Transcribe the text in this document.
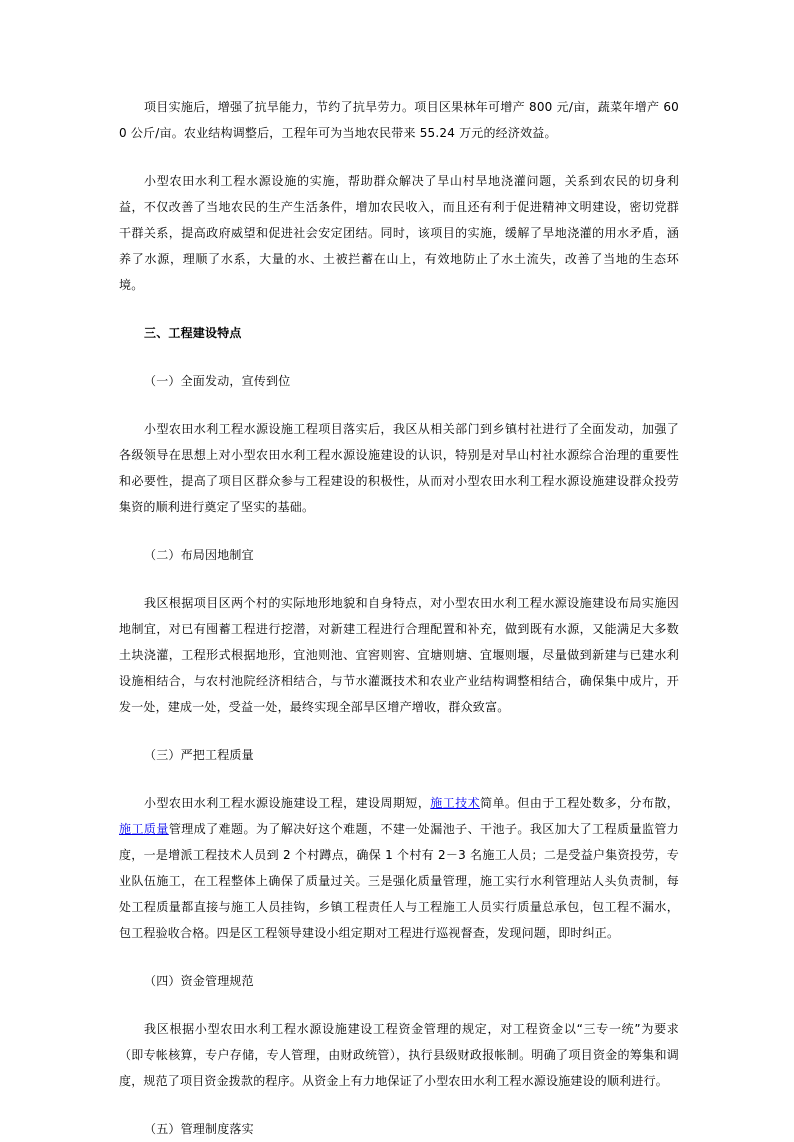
项目实施后，增强了抗旱能力，节约了抗旱劳力。项目区果林年可增产 800 元/亩，蔬菜年增产 600 公斤/亩。农业结构调整后，工程年可为当地农民带来 55.24 万元的经济效益。

小型农田水利工程水源设施的实施，帮助群众解决了旱山村旱地浇灌问题，关系到农民的切身利益，不仅改善了当地农民的生产生活条件，增加农民收入，而且还有利于促进精神文明建设，密切党群干群关系，提高政府威望和促进社会安定团结。同时，该项目的实施，缓解了旱地浇灌的用水矛盾，涵养了水源，理顺了水系，大量的水、土被拦蓄在山上，有效地防止了水土流失，改善了当地的生态环境。

三、工程建设特点

（一）全面发动，宣传到位

小型农田水利工程水源设施工程项目落实后，我区从相关部门到乡镇村社进行了全面发动，加强了各级领导在思想上对小型农田水利工程水源设施建设的认识，特别是对旱山村社水源综合治理的重要性和必要性，提高了项目区群众参与工程建设的积极性，从而对小型农田水利工程水源设施建设群众投劳集资的顺利进行奠定了坚实的基础。

（二）布局因地制宜

我区根据项目区两个村的实际地形地貌和自身特点，对小型农田水利工程水源设施建设布局实施因地制宜，对已有囤蓄工程进行挖潜，对新建工程进行合理配置和补充，做到既有水源，又能满足大多数土块浇灌，工程形式根据地形，宜池则池、宜窖则窖、宜塘则塘、宜堰则堰，尽量做到新建与已建水利设施相结合，与农村池院经济相结合，与节水灌溉技术和农业产业结构调整相结合，确保集中成片，开发一处，建成一处，受益一处，最终实现全部旱区增产增收，群众致富。

（三）严把工程质量

小型农田水利工程水源设施建设工程，建设周期短，施工技术简单。但由于工程处数多，分布散，施工质量管理成了难题。为了解决好这个难题，不建一处漏池子、干池子。我区加大了工程质量监管力度，一是增派工程技术人员到 2 个村蹲点，确保 1 个村有 2－3 名施工人员；二是受益户集资投劳，专业队伍施工，在工程整体上确保了质量过关。三是强化质量管理，施工实行水利管理站人头负责制，每处工程质量都直接与施工人员挂钩，乡镇工程责任人与工程施工人员实行质量总承包，包工程不漏水，包工程验收合格。四是区工程领导建设小组定期对工程进行巡视督查，发现问题，即时纠正。

（四）资金管理规范

我区根据小型农田水利工程水源设施建设工程资金管理的规定，对工程资金以“三专一统”为要求（即专帐核算，专户存储，专人管理，由财政统管），执行县级财政报帐制。明确了项目资金的筹集和调度，规范了项目资金拨款的程序。从资金上有力地保证了小型农田水利工程水源设施建设的顺利进行。

（五）管理制度落实
